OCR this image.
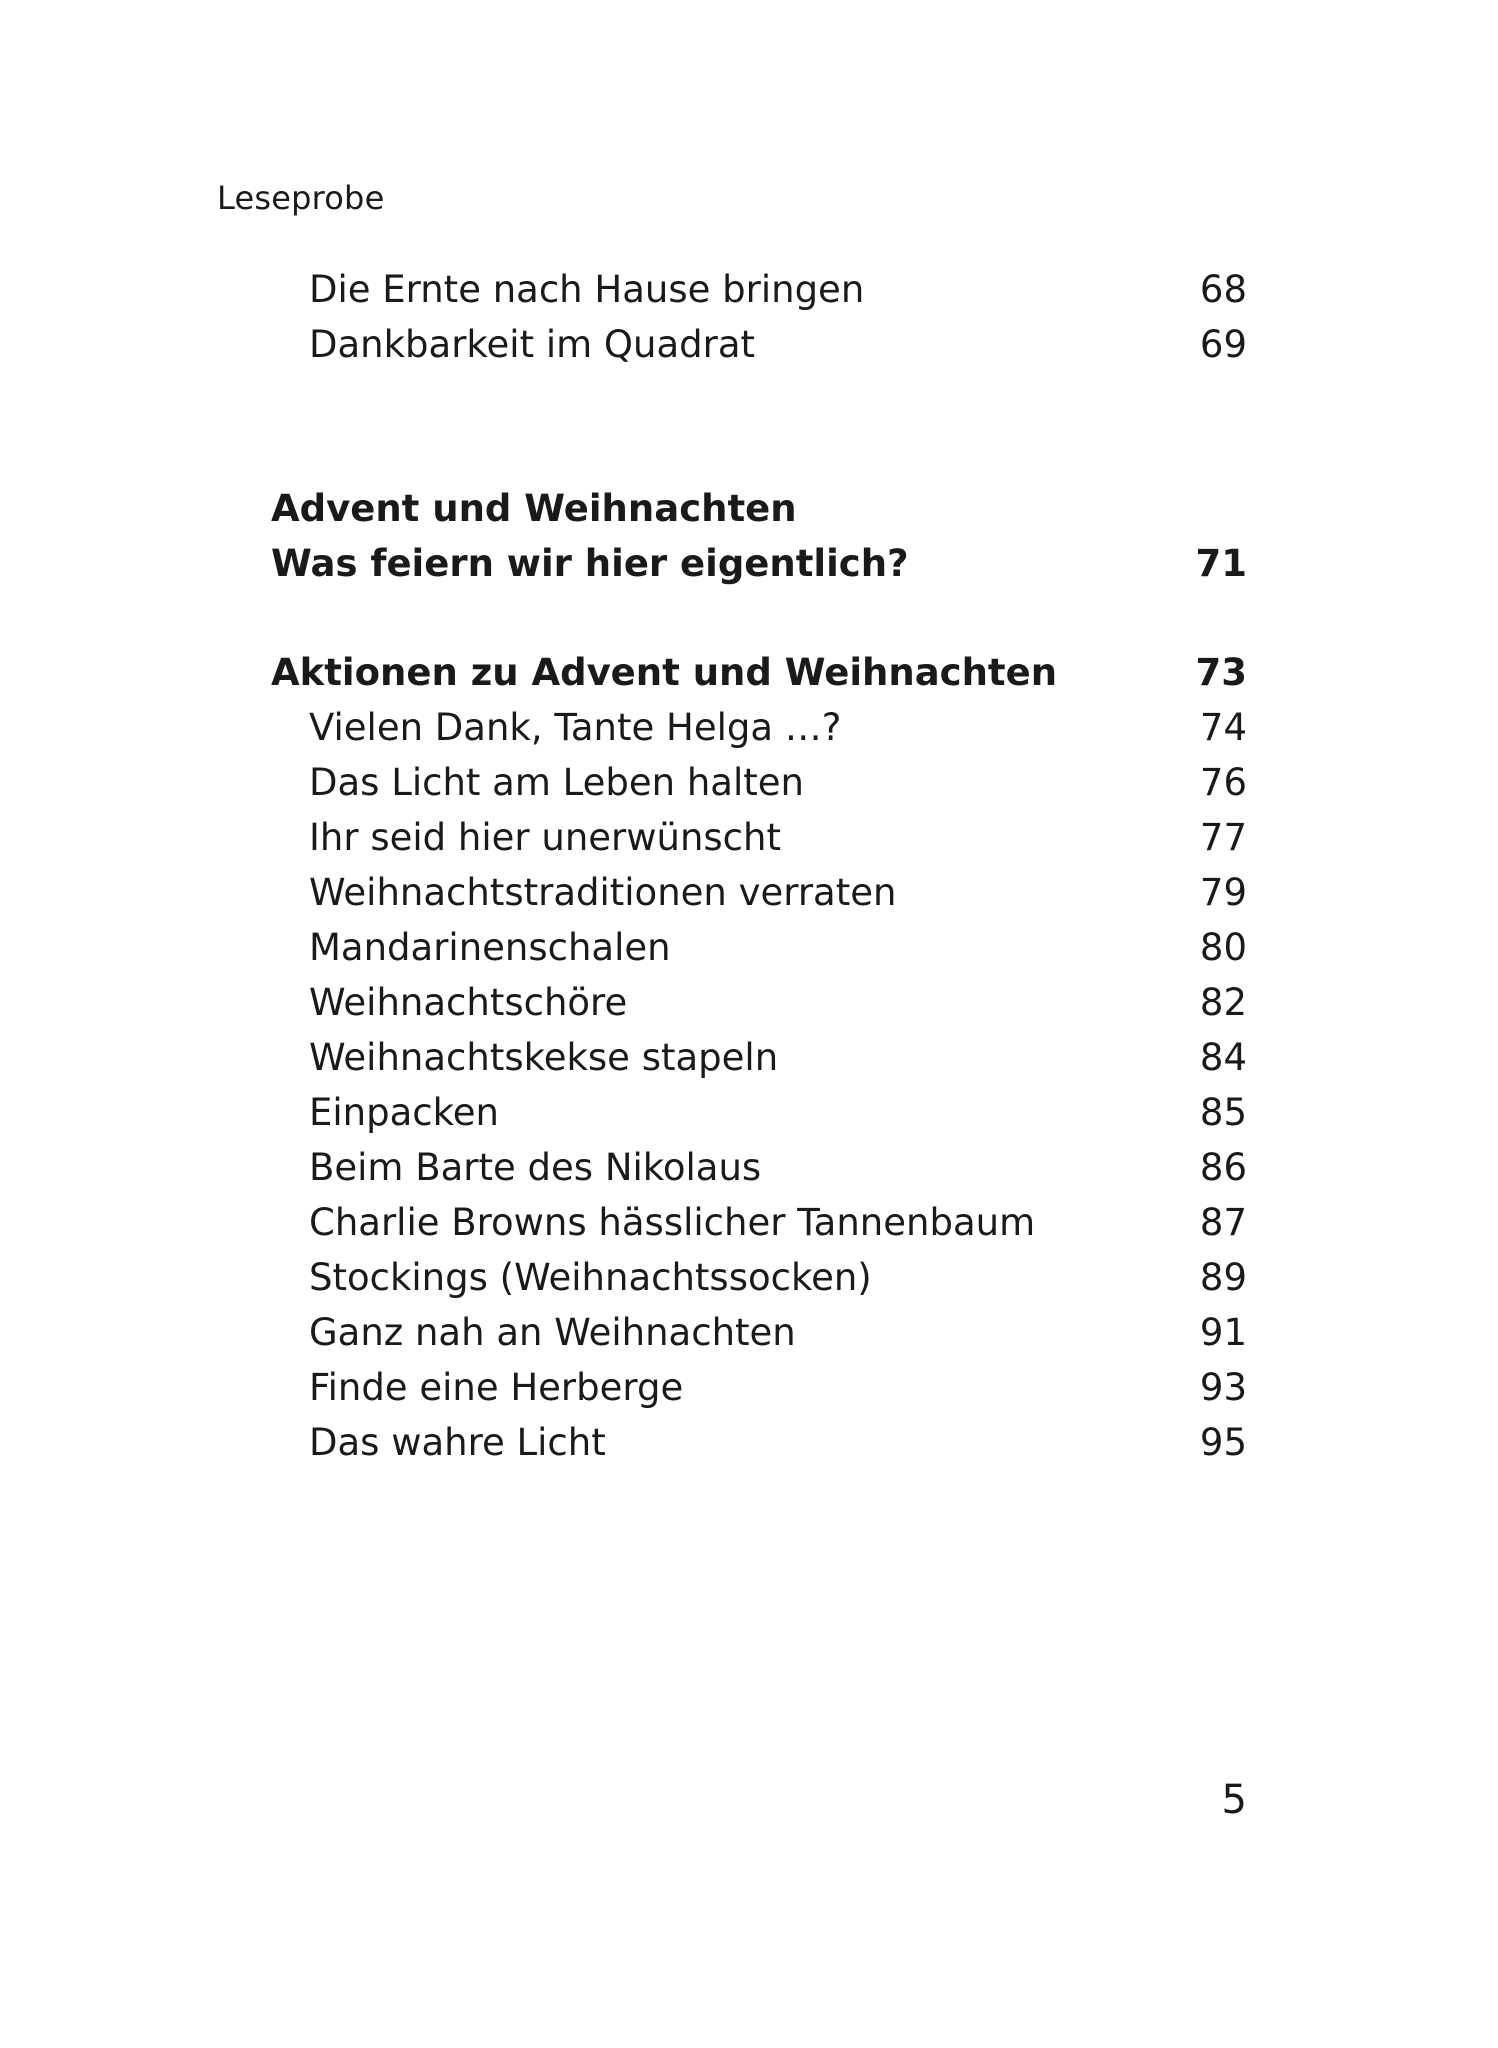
Leseprobe
Die Ernte nach Hause bringen	68
Dankbarkeit im Quadrat	69
Advent und Weihnachten
Was feiern wir hier eigentlich?	71
Aktionen zu Advent und Weihnachten	73
Vielen Dank, Tante Helga …?	74
Das Licht am Leben halten	76
Ihr seid hier unerwünscht	77
Weihnachtstraditionen verraten	79
Mandarinenschalen	80
Weihnachtschöre	82
Weihnachtskekse stapeln	84
Einpacken	85
Beim Barte des Nikolaus	86
Charlie Browns hässlicher Tannenbaum	87
Stockings (Weihnachtssocken)	89
Ganz nah an Weihnachten	91
Finde eine Herberge	93
Das wahre Licht	95
5
